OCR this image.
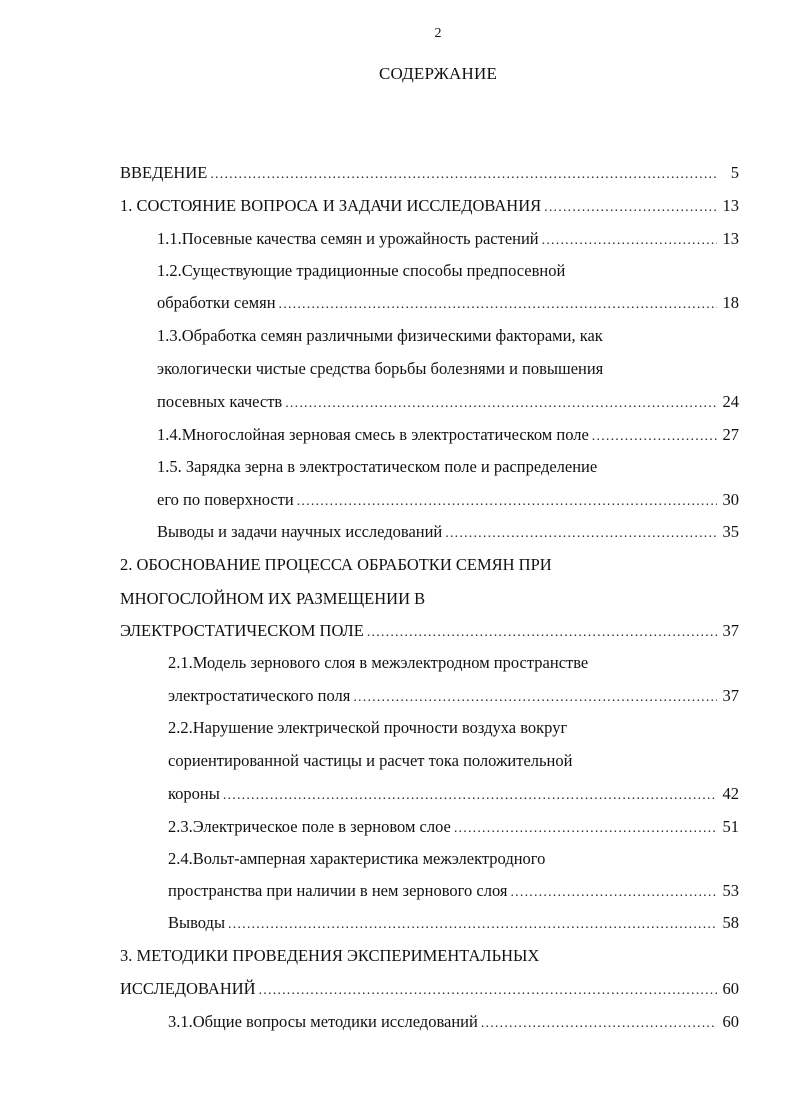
2
СОДЕРЖАНИЕ
ВВЕДЕНИЕ .....	5
1. СОСТОЯНИЕ ВОПРОСА И ЗАДАЧИ ИССЛЕДОВАНИЯ .....	13
1.1.Посевные качества семян и урожайность растений .....	13
1.2.Существующие традиционные способы предпосевной
обработки семян .....	18
1.3.Обработка семян различными физическими факторами, как
экологически чистые средства борьбы болезнями и повышения
посевных качеств .....	24
1.4.Многослойная зерновая смесь в электростатическом поле .....	27
1.5. Зарядка зерна в электростатическом поле и распределение
его по поверхности .....	30
Выводы и задачи научных исследований .....	35
2. ОБОСНОВАНИЕ ПРОЦЕССА ОБРАБОТКИ СЕМЯН ПРИ
МНОГОСЛОЙНОМ ИХ РАЗМЕЩЕНИИ В
ЭЛЕКТРОСТАТИЧЕСКОМ ПОЛЕ .....	37
2.1.Модель зернового слоя в межэлектродном пространстве
электростатического поля .....	37
2.2.Нарушение электрической прочности воздуха вокруг
сориентированной частицы и расчет тока положительной
короны .....	42
2.3.Электрическое поле в зерновом слое .....	51
2.4.Вольт-амперная характеристика межэлектродного
пространства при наличии в нем зернового слоя .....	53
Выводы .....	58
3. МЕТОДИКИ ПРОВЕДЕНИЯ ЭКСПЕРИМЕНТАЛЬНЫХ
ИССЛЕДОВАНИЙ .....	60
3.1.Общие вопросы методики исследований .....	60
